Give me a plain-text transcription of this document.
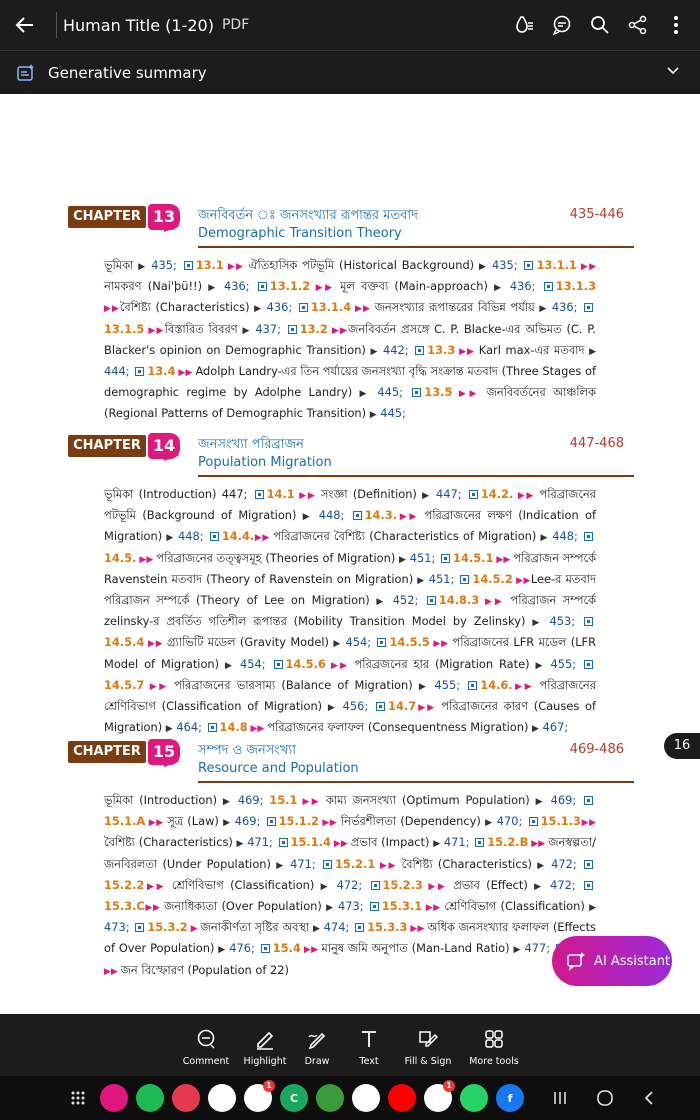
Human Title (1-20) PDF
Generative summary
CHAPTER 13	জনবিবর্তন ঃ জনসংখ্যার রূপান্তর মতবাদ
Demographic Transition Theory
435-446
ভূমিকা ▶ 435; 13.1 ▶▶ ঐতিহাসিক পটভূমি (Historical Background) ▶ 435; 13.1.1 ▶▶ নামকরণ (Nai'þü!!) ▶ 436; 13.1.2 ▶▶ মূল বক্তব্য (Main-approach) ▶ 436; 13.1.3 ▶▶বৈশিষ্ট্য (Characteristics) ▶ 436; 13.1.4 ▶▶ জনসংখ্যার রূপান্তরের বিভিন্ন পর্যায় ▶ 436; 13.1.5 ▶▶বিস্তারিত বিবরণ ▶ 437; 13.2 ▶▶জনবিবর্তন প্রসঙ্গে C. P. Blacke-এর অভিমত (C. P. Blacker's opinion on Demographic Transition) ▶ 442; 13.3 ▶▶ Karl max-এর মতবাদ ▶ 444; 13.4 ▶▶ Adolph Landry-এর তিন পর্যায়ের জনসংখ্যা বৃদ্ধি সংক্রান্ত মতবাদ (Three Stages of demographic regime by Adolphe Landry) ▶ 445; 13.5 ▶▶ জনবিবর্তনের আঞ্চলিক (Regional Patterns of Demographic Transition) ▶ 445;
CHAPTER 14	জনসংখ্যা পরিব্রাজন
Population Migration
447-468
ভূমিকা (Introduction) 447; 14.1 ▶▶ সংজ্ঞা (Definition) ▶ 447; 14.2. ▶▶ পরিব্রাজনের পটভূমি (Background of Migration) ▶ 448; 14.3.▶▶ পরিব্রাজনের লক্ষণ (Indication of Migration) ▶ 448; 14.4.▶▶ পরিব্রাজনের বৈশিষ্ট্য (Characteristics of Migration) ▶ 448; 14.5. ▶▶ পরিব্রাজনের তত্ত্বসমূহ (Theories of Migration) ▶ 451; 14.5.1 ▶▶ পরিব্রাজন সম্পর্কে Ravenstein মতবাদ (Theory of Ravenstein on Migration) ▶ 451; 14.5.2 ▶▶Lee-র মতবাদ পরিব্রাজন সম্পর্কে (Theory of Lee on Migration) ▶ 452; 14.8.3 ▶▶ পরিব্রাজন সম্পর্কে zelinsky-র প্রবর্তিত গতিশীল রূপান্তর (Mobility Transition Model by Zelinsky) ▶ 453; 14.5.4 ▶▶ গ্র্যাভিটি মডেল (Gravity Model) ▶ 454; 14.5.5 ▶▶ পরিব্রাজনের LFR মডেল (LFR Model of Migration) ▶ 454; 14.5.6 ▶▶ পরিব্রজনের হার (Migration Rate) ▶ 455; 14.5.7 ▶▶ পরিব্রাজনের ভারসাম্য (Balance of Migration) ▶ 455; 14.6.▶▶ পরিব্রাজনের শ্রেণিবিভাগ (Classification of Migration) ▶ 456; 14.7▶▶ পরিব্রাজনের কারণ (Causes of Migration) ▶ 464; 14.8 ▶▶ পরিব্রাজনের ফলাফল (Consequentness Migration) ▶ 467;
CHAPTER 15	সম্পদ ও জনসংখ্যা
Resource and Population
469-486
ভূমিকা (Introduction) ▶ 469; 15.1 ▶▶ কাম্য জনসংখ্যা (Optimum Population) ▶ 469; 15.1.A ▶▶ সূত্র (Law) ▶ 469; 15.1.2 ▶▶ নির্ভরশীলতা (Dependency) ▶ 470; 15.1.3▶▶ বৈশিষ্ট্য (Characteristics) ▶ 471; 15.1.4 ▶▶ প্রভাব (Impact) ▶ 471; 15.2.B ▶▶ জনস্বল্পতা/জনবিরলতা (Under Population) ▶ 471; 15.2.1 ▶▶ বৈশিষ্ট্য (Characteristics) ▶ 472; 15.2.2▶▶ শ্রেণিবিভাগ (Classification) ▶ 472; 15.2.3 ▶▶ প্রভাব (Effect) ▶ 472; 15.3.C▶▶ জনাধিক্যতা (Over Population) ▶ 473; 15.3.1 ▶▶ শ্রেণিবিভাগ (Classification) ▶ 473; 15.3.2 ▶ জনাকীর্ণতা সৃষ্টির অবস্থা ▶ 474; 15.3.3 ▶▶ অধিক জনসংখ্যার ফলাফল (Effects of Over Population) ▶ 476; 15.4 ▶▶ মানুষ জমি অনুপাত (Man-Land Ratio) ▶ 477;  ▶▶ জন বিস্ফোরণ (Population of 22)
16
AI Assistant
Comment Highlight Draw	Text	Fill & Sign More tools
1
C
1
f
